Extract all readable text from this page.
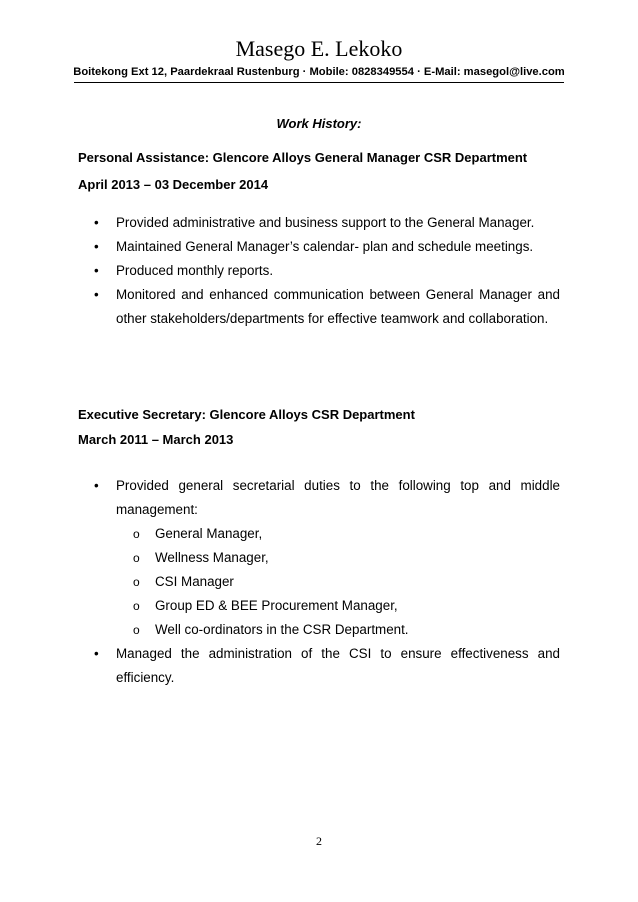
Masego E. Lekoko
Boitekong Ext 12, Paardekraal Rustenburg · Mobile: 0828349554 · E-Mail: masegol@live.com
Work History:
Personal Assistance: Glencore Alloys General Manager CSR Department
April 2013 – 03 December 2014
• Provided administrative and business support to the General Manager.
• Maintained General Manager’s calendar- plan and schedule meetings.
• Produced monthly reports.
• Monitored and enhanced communication between General Manager and other stakeholders/departments for effective teamwork and collaboration.
Executive Secretary: Glencore Alloys CSR Department
March 2011 – March 2013
• Provided general secretarial duties to the following top and middle management:
o General Manager,
o Wellness Manager,
o CSI Manager
o Group ED & BEE Procurement Manager,
o Well co-ordinators in the CSR Department.
• Managed the administration of the CSI to ensure effectiveness and efficiency.
2
